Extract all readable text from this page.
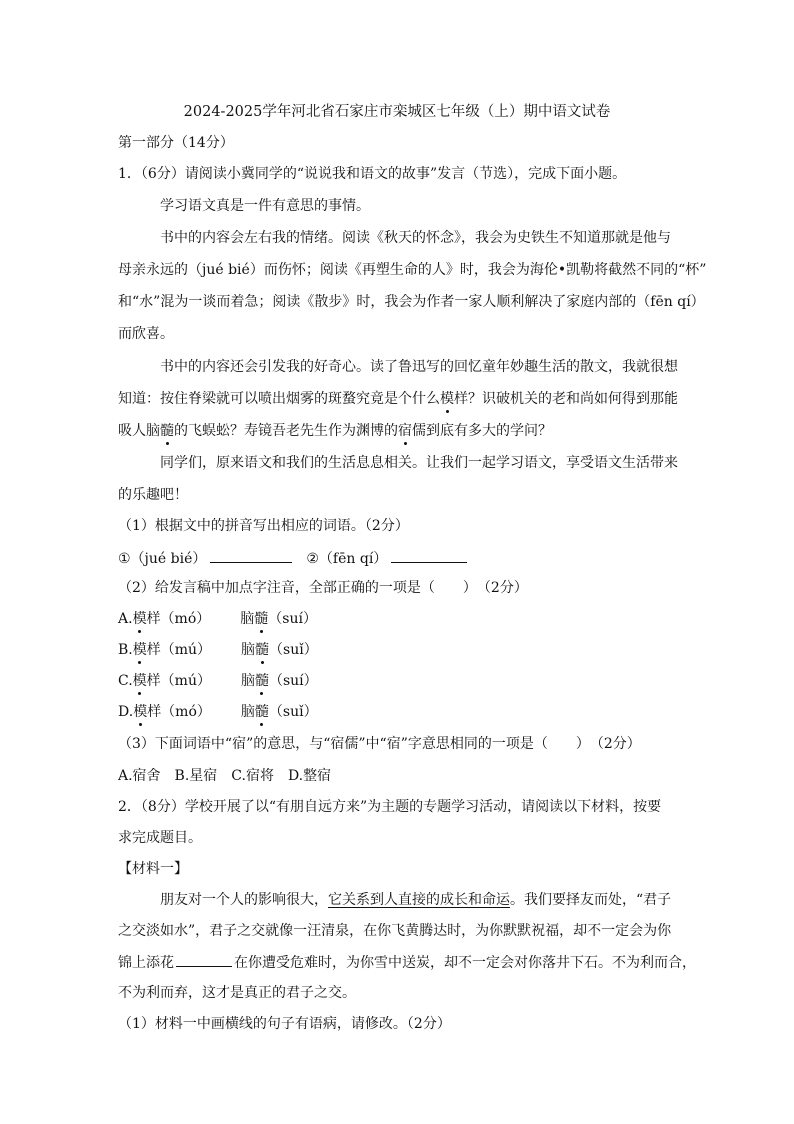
2024-2025学年河北省石家庄市栾城区七年级（上）期中语文试卷
第一部分（14分）
1．（6分）请阅读小冀同学的“说说我和语文的故事”发言（节选），完成下面小题。
学习语文真是一件有意思的事情。
书中的内容会左右我的情绪。阅读《秋天的怀念》，我会为史铁生不知道那就是他与
母亲永远的（jué bié）而伤怀；阅读《再塑生命的人》时，我会为海伦•凯勒将截然不同的“杯”
和“水”混为一谈而着急；阅读《散步》时，我会为作者一家人顺利解决了家庭内部的（fēn qí）
而欣喜。
书中的内容还会引发我的好奇心。读了鲁迅写的回忆童年妙趣生活的散文，我就很想
知道：按住脊梁就可以喷出烟雾的斑蝥究竟是个什么模样？识破机关的老和尚如何得到那能
吸人脑髓的飞蜈蚣？寿镜吾老先生作为渊博的宿儒到底有多大的学问？
同学们，原来语文和我们的生活息息相关。让我们一起学习语文，享受语文生活带来
的乐趣吧！
（1）根据文中的拼音写出相应的词语。（2分）
①（jué bié）	②（fēn qí）
（2）给发言稿中加点字注音，全部正确的一项是（　　）　（2分）
A.模样（mó） 脑髓（suí）
B.模样（mú） 脑髓（suǐ）
C.模样（mú） 脑髓（suí）
D.模样（mó） 脑髓（suǐ）
（3）下面词语中“宿”的意思，与“宿儒”中“宿”字意思相同的一项是（　　）　（2分）
A.宿舍　B.星宿　C.宿将　D.整宿
2．（8分）学校开展了以“有朋自远方来”为主题的专题学习活动，请阅读以下材料，按要
求完成题目。
【材料一】
朋友对一个人的影响很大，它关系到人直接的成长和命运。我们要择友而处，“君子
之交淡如水”，君子之交就像一汪清泉，在你飞黄腾达时，为你默默祝福，却不一定会为你
锦上添花	在你遭受危难时，为你雪中送炭，却不一定会对你落井下石。不为利而合，
不为利而弃，这才是真正的君子之交。
（1）材料一中画横线的句子有语病，请修改。（2分）
